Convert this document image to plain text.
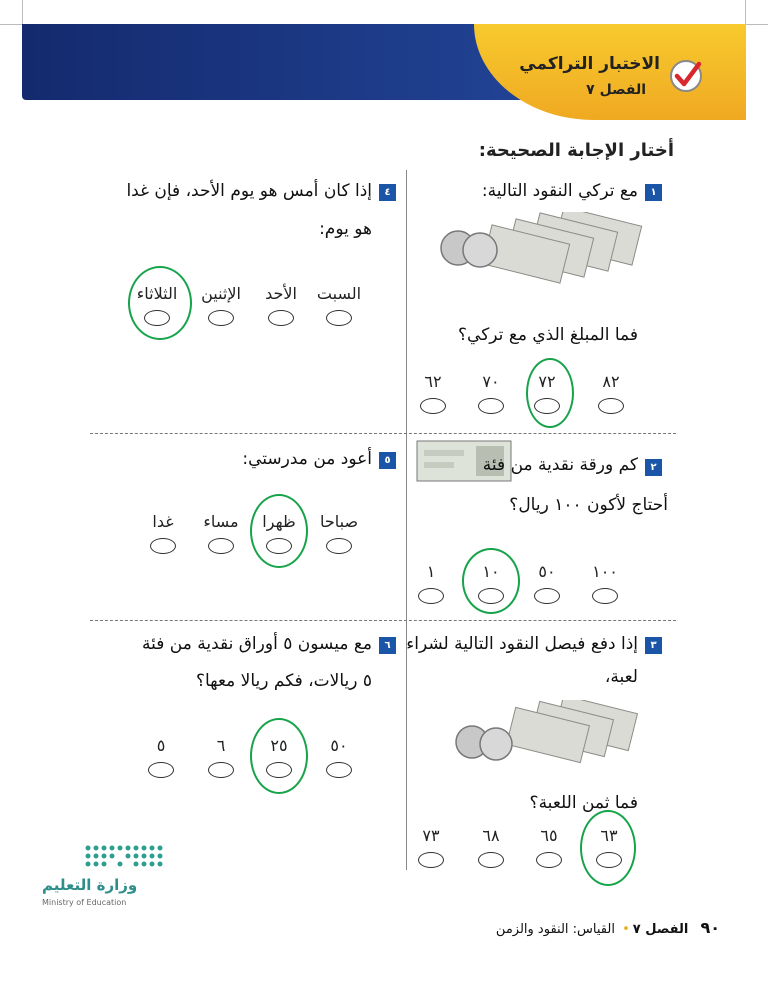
الاختبار التراكمي
الفصل ٧
أختار الإجابة الصحيحة:
١
مع تركي النقود التالية:
فما المبلغ الذي مع تركي؟
٨٢
٧٢
٧٠
٦٢
٢
كم ورقة نقدية من فئة
أحتاج لأكون ١٠٠ ريال؟
١٠٠
٥٠
١٠
١
٣
إذا دفع فيصل النقود التالية لشراء
لعبة،
فما ثمن اللعبة؟
٦٣
٦٥
٦٨
٧٣
٤
إذا كان أمس هو يوم الأحد، فإن غدا
هو يوم:
السبت
الأحد
الإثنين
الثلاثاء
٥
أعود من مدرستي:
صباحا
ظهرا
مساء
غدا
٦
مع ميسون ٥ أوراق نقدية من فئة
٥ ريالات، فكم ريالا معها؟
٥٠
٢٥
٦
٥
وزارة التعليم
Ministry of Education
٩٠ الفصل ٧• القياس: النقود والزمن
